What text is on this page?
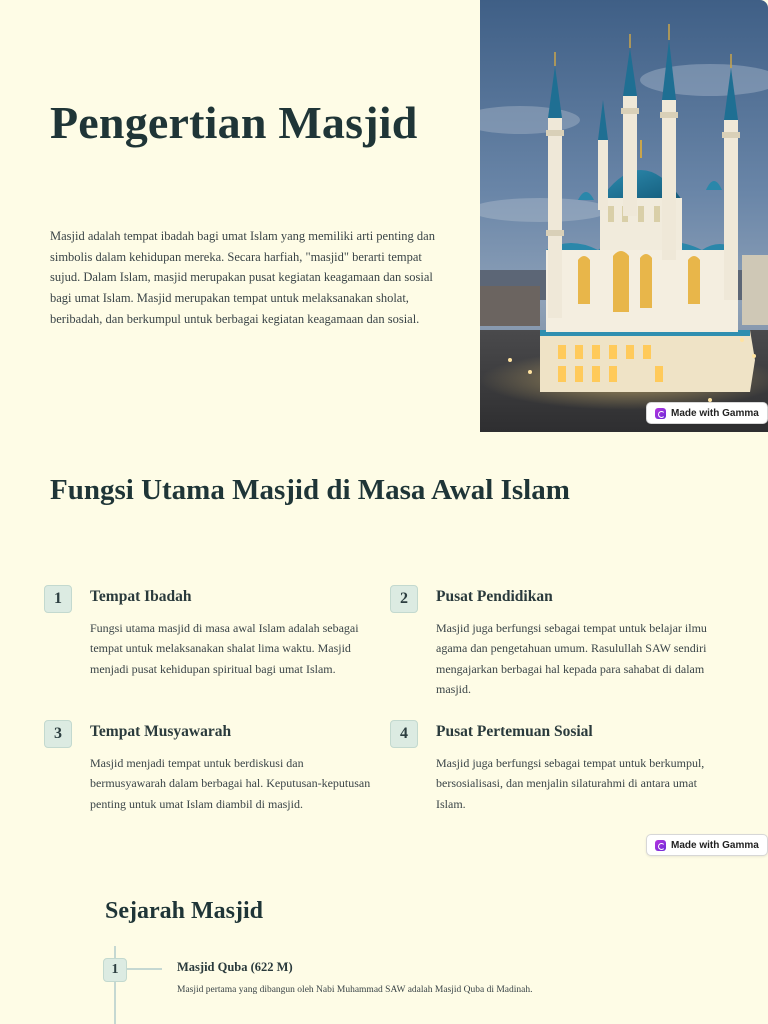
Pengertian Masjid

Masjid adalah tempat ibadah bagi umat Islam yang memiliki arti penting dan simbolis dalam kehidupan mereka. Secara harfiah, "masjid" berarti tempat sujud. Dalam Islam, masjid merupakan pusat kegiatan keagamaan dan sosial bagi umat Islam. Masjid merupakan tempat untuk melaksanakan sholat, beribadah, dan berkumpul untuk berbagai kegiatan keagamaan dan sosial.

Made with Gamma
Fungsi Utama Masjid di Masa Awal Islam
1	Tempat Ibadah
Fungsi utama masjid di masa awal Islam adalah sebagai tempat untuk melaksanakan shalat lima waktu. Masjid menjadi pusat kehidupan spiritual bagi umat Islam.
2	Pusat Pendidikan
Masjid juga berfungsi sebagai tempat untuk belajar ilmu agama dan pengetahuan umum. Rasulullah SAW sendiri mengajarkan berbagai hal kepada para sahabat di dalam masjid.
3	Tempat Musyawarah
Masjid menjadi tempat untuk berdiskusi dan bermusyawarah dalam berbagai hal. Keputusan-keputusan penting untuk umat Islam diambil di masjid.
4	Pusat Pertemuan Sosial
Masjid juga berfungsi sebagai tempat untuk berkumpul, bersosialisasi, dan menjalin silaturahmi di antara umat Islam.
Made with Gamma
Sejarah Masjid
1	Masjid Quba (622 M)
Masjid pertama yang dibangun oleh Nabi Muhammad SAW adalah Masjid Quba di Madinah.
